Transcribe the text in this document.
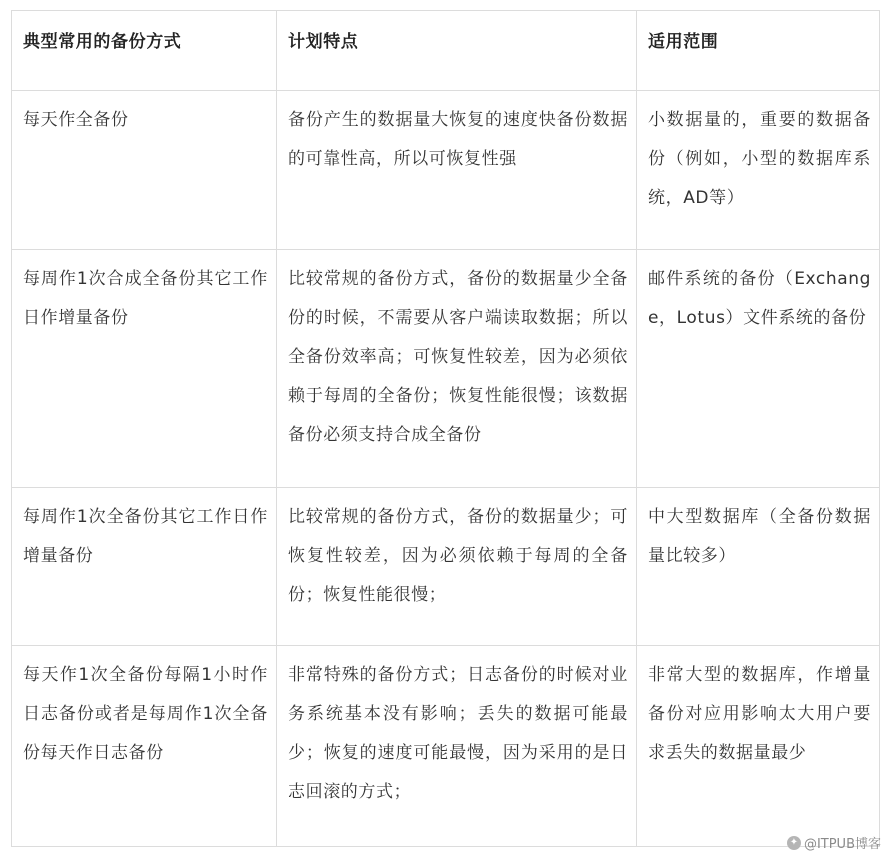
典型常用的备份方式	计划特点	适用范围
每天作全备份	备份产生的数据量大恢复的速度快备份数据的可靠性高，所以可恢复性强	小数据量的，重要的数据备份（例如，小型的数据库系统，AD等）
每周作1次合成全备份其它工作日作增量备份	比较常规的备份方式，备份的数据量少全备份的时候，不需要从客户端读取数据；所以全备份效率高；可恢复性较差，因为必须依赖于每周的全备份；恢复性能很慢；该数据备份必须支持合成全备份	邮件系统的备份（Exchange，Lotus）文件系统的备份
每周作1次全备份其它工作日作增量备份	比较常规的备份方式，备份的数据量少；可恢复性较差，因为必须依赖于每周的全备份；恢复性能很慢；	中大型数据库（全备份数据量比较多）
每天作1次全备份每隔1小时作日志备份或者是每周作1次全备份每天作日志备份	非常特殊的备份方式；日志备份的时候对业务系统基本没有影响；丢失的数据可能最少；恢复的速度可能最慢，因为采用的是日志回滚的方式；	非常大型的数据库，作增量备份对应用影响太大用户要求丢失的数据量最少
✦ @ITPUB博客
